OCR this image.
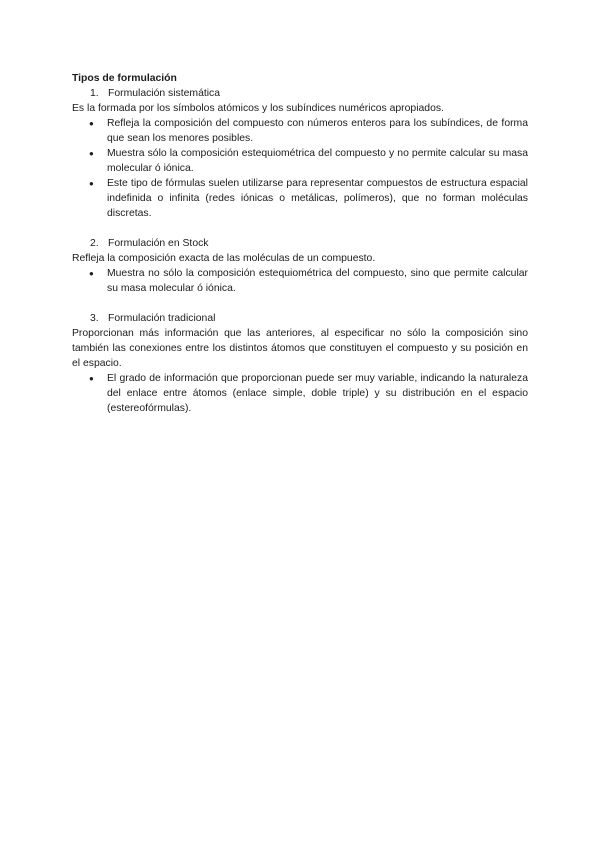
Tipos de formulación

1. Formulación sistemática

Es la formada por los símbolos atómicos y los subíndices numéricos apropiados.

●	Refleja la composición del compuesto con números enteros para los subíndices, de forma que sean los menores posibles.
●	Muestra sólo la composición estequiométrica del compuesto y no permite calcular su masa molecular ó iónica.
●	Este tipo de fórmulas suelen utilizarse para representar compuestos de estructura espacial indefinida o infinita (redes iónicas o metálicas, polímeros), que no forman moléculas discretas.
2. Formulación en Stock

Refleja la composición exacta de las moléculas de un compuesto.

●	Muestra no sólo la composición estequiométrica del compuesto, sino que permite calcular su masa molecular ó iónica.
3. Formulación tradicional

Proporcionan más información que las anteriores, al especificar no sólo la composición sino también las conexiones entre los distintos átomos que constituyen el compuesto y su posición en el espacio.

●	El grado de información que proporcionan puede ser muy variable, indicando la naturaleza del enlace entre átomos (enlace simple, doble triple) y su distribución en el espacio (estereofórmulas).
